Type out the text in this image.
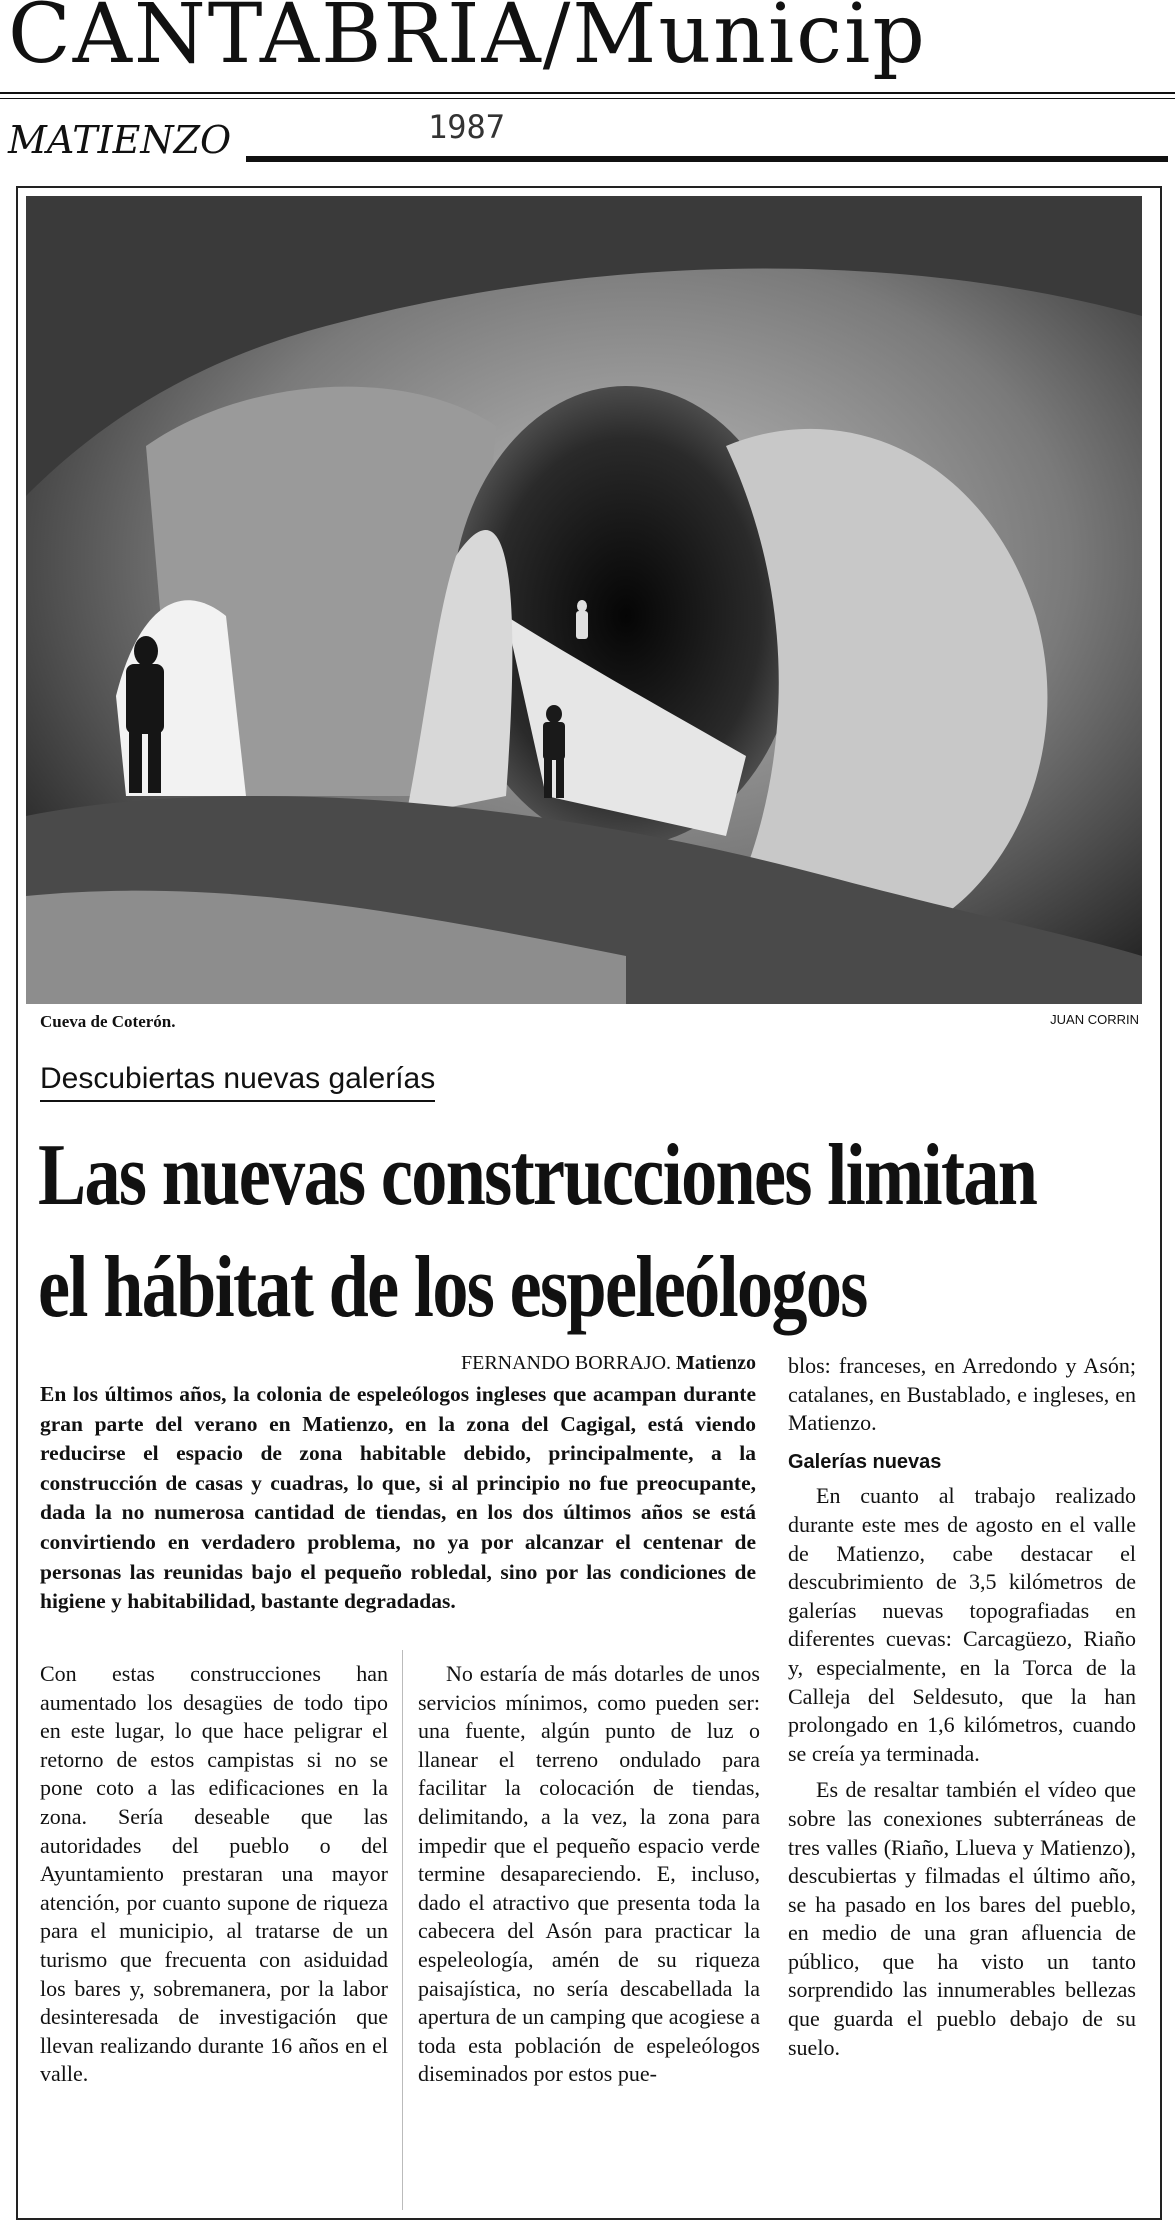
CANTABRIA/Municip
MATIENZO	1987
Cueva de Coterón.	JUAN CORRIN
Descubiertas nuevas galerías
Las nuevas construcciones limitan
el hábitat de los espeleólogos
FERNANDO BORRAJO. Matienzo
En los últimos años, la colonia de espeleólogos ingleses que acampan durante gran parte del verano en Matienzo, en la zona del Cagigal, está viendo reducirse el espacio de zona habitable debido, principalmente, a la construcción de casas y cuadras, lo que, si al principio no fue preocupante, dada la no numerosa cantidad de tiendas, en los dos últimos años se está convirtiendo en verdadero problema, no ya por alcanzar el centenar de personas las reunidas bajo el pequeño robledal, sino por las condiciones de higiene y habitabilidad, bastante degradadas.

Con estas construcciones han aumentado los desagües de todo tipo en este lugar, lo que hace peligrar el retorno de estos campistas si no se pone coto a las edificaciones en la zona. Sería deseable que las autoridades del pueblo o del Ayuntamiento prestaran una mayor atención, por cuanto supone de riqueza para el municipio, al tratarse de un turismo que frecuenta con asiduidad los bares y, sobremanera, por la labor desinteresada de investigación que llevan realizando durante 16 años en el valle.

No estaría de más dotarles de unos servicios mínimos, como pueden ser: una fuente, algún punto de luz o llanear el terreno ondulado para facilitar la colocación de tiendas, delimitando, a la vez, la zona para impedir que el pequeño espacio verde termine desapareciendo. E, incluso, dado el atractivo que presenta toda la cabecera del Asón para practicar la espeleología, amén de su riqueza paisajística, no sería descabellada la apertura de un camping que acogiese a toda esta población de espeleólogos diseminados por estos pue-

blos: franceses, en Arredondo y Asón; catalanes, en Bustablado, e ingleses, en Matienzo.

Galerías nuevas

En cuanto al trabajo realizado durante este mes de agosto en el valle de Matienzo, cabe destacar el descubrimiento de 3,5 kilómetros de galerías nuevas topografiadas en diferentes cuevas: Carcagüezo, Riaño y, especialmente, en la Torca de la Calleja del Seldesuto, que la han prolongado en 1,6 kilómetros, cuando se creía ya terminada.

Es de resaltar también el vídeo que sobre las conexiones subterráneas de tres valles (Riaño, Llueva y Matienzo), descubiertas y filmadas el último año, se ha pasado en los bares del pueblo, en medio de una gran afluencia de público, que ha visto un tanto sorprendido las innumerables bellezas que guarda el pueblo debajo de su suelo.
